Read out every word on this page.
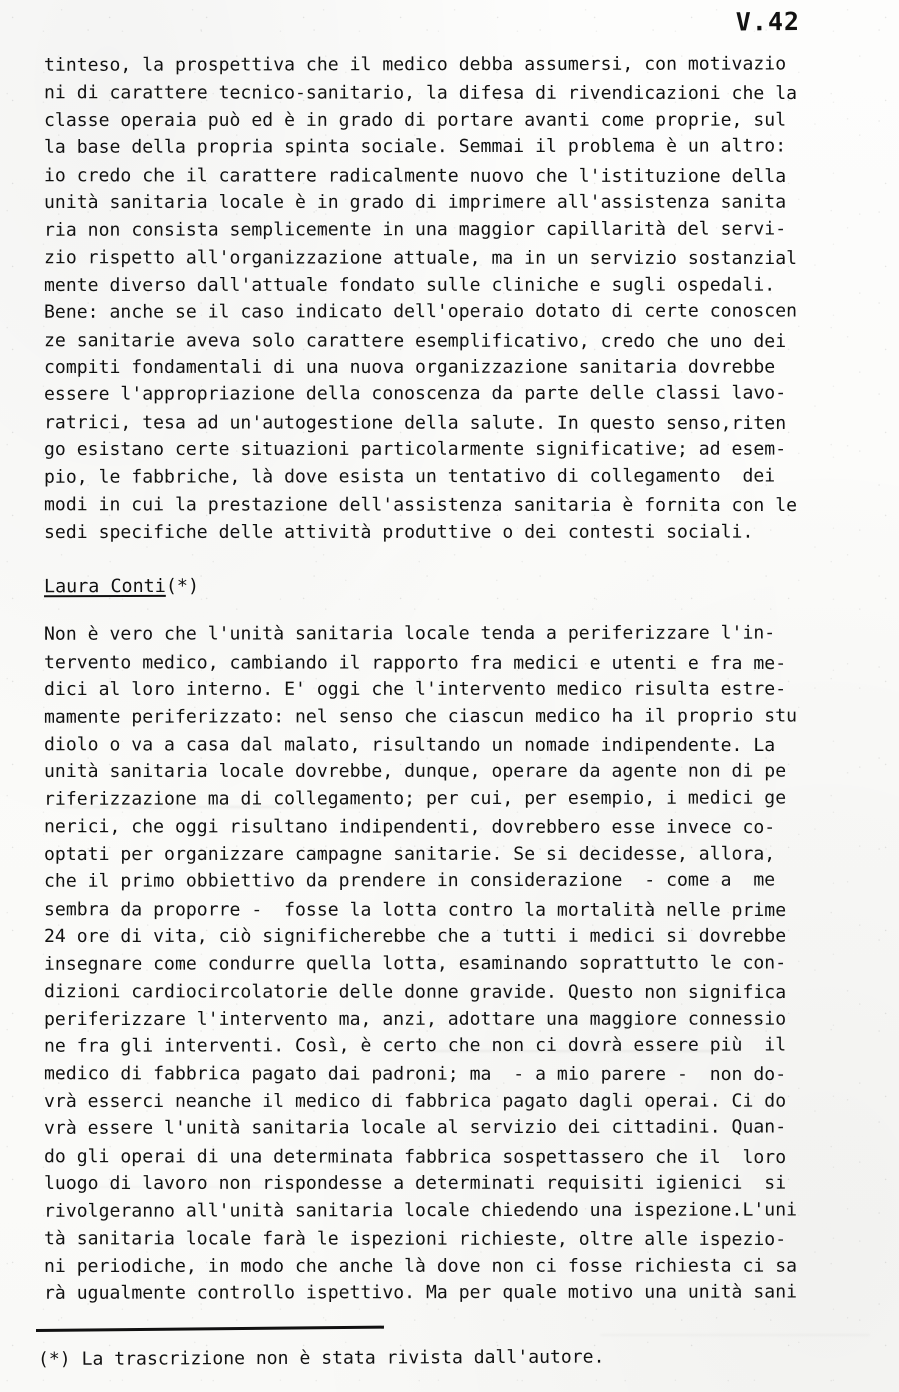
V.42
tinteso, la prospettiva che il medico debba assumersi, con motivazio
ni di carattere tecnico-sanitario, la difesa di rivendicazioni che la
classe operaia può ed è in grado di portare avanti come proprie, sul
la base della propria spinta sociale. Semmai il problema è un altro:
io credo che il carattere radicalmente nuovo che l'istituzione della
unità sanitaria locale è in grado di imprimere all'assistenza sanita
ria non consista semplicemente in una maggior capillarità del servi-
zio rispetto all'organizzazione attuale, ma in un servizio sostanzial
mente diverso dall'attuale fondato sulle cliniche e sugli ospedali.
Bene: anche se il caso indicato dell'operaio dotato di certe conoscen
ze sanitarie aveva solo carattere esemplificativo, credo che uno dei
compiti fondamentali di una nuova organizzazione sanitaria dovrebbe
essere l'appropriazione della conoscenza da parte delle classi lavo-
ratrici, tesa ad un'autogestione della salute. In questo senso,riten
go esistano certe situazioni particolarmente significative; ad esem-
pio, le fabbriche, là dove esista un tentativo di collegamento  dei
modi in cui la prestazione dell'assistenza sanitaria è fornita con le
sedi specifiche delle attività produttive o dei contesti sociali.
Laura Conti(*)
Non è vero che l'unità sanitaria locale tenda a periferizzare l'in-
tervento medico, cambiando il rapporto fra medici e utenti e fra me-
dici al loro interno. E' oggi che l'intervento medico risulta estre-
mamente periferizzato: nel senso che ciascun medico ha il proprio stu
diolo o va a casa dal malato, risultando un nomade indipendente. La
unità sanitaria locale dovrebbe, dunque, operare da agente non di pe
riferizzazione ma di collegamento; per cui, per esempio, i medici ge
nerici, che oggi risultano indipendenti, dovrebbero esse invece co-
optati per organizzare campagne sanitarie. Se si decidesse, allora,
che il primo obbiettivo da prendere in considerazione  - come a  me
sembra da proporre -  fosse la lotta contro la mortalità nelle prime
24 ore di vita, ciò significherebbe che a tutti i medici si dovrebbe
insegnare come condurre quella lotta, esaminando soprattutto le con-
dizioni cardiocircolatorie delle donne gravide. Questo non significa
periferizzare l'intervento ma, anzi, adottare una maggiore connessio
ne fra gli interventi. Così, è certo che non ci dovrà essere più  il
medico di fabbrica pagato dai padroni; ma  - a mio parere -  non do-
vrà esserci neanche il medico di fabbrica pagato dagli operai. Ci do
vrà essere l'unità sanitaria locale al servizio dei cittadini. Quan-
do gli operai di una determinata fabbrica sospettassero che il  loro
luogo di lavoro non rispondesse a determinati requisiti igienici  si
rivolgeranno all'unità sanitaria locale chiedendo una ispezione.L'uni
tà sanitaria locale farà le ispezioni richieste, oltre alle ispezio-
ni periodiche, in modo che anche là dove non ci fosse richiesta ci sa
rà ugualmente controllo ispettivo. Ma per quale motivo una unità sani
(*) La trascrizione non è stata rivista dall'autore.
